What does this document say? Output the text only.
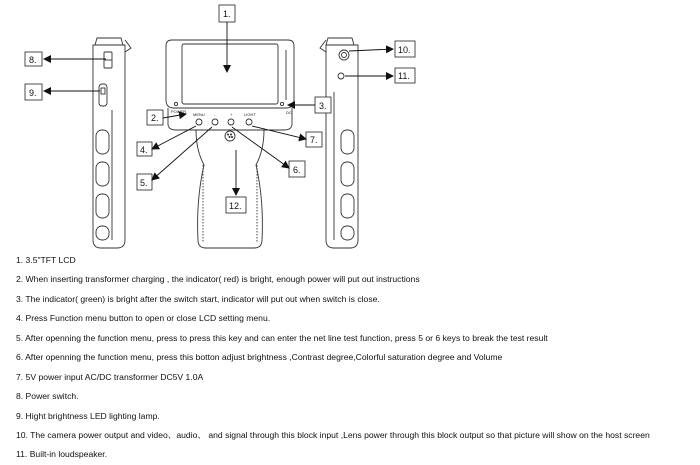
MENU -	+	LIGHT
POWER	DC
1.
2.
3.
4.
5.
6.
7.
8.
9.
10.
11.
12.
1. 3.5"TFT LCD
2. When inserting transformer charging , the indicator( red) is bright, enough power will put out instructions
3. The indicator( green) is bright after the switch start, indicator will put out when switch is close.
4. Press Function menu button to open or close LCD setting menu.
5. After openning the function menu, press to press this key and can enter the net line test function, press 5 or 6 keys to break the test result
6. After openning the function menu, press this botton adjust brightness ,Contrast degree,Colorful saturation degree and Volume
7. 5V power input AC/DC transformer DC5V 1.0A
8. Power switch.
9. Hight brightness LED lighting lamp.
10. The camera power output and video、audio、 and signal through this block input ,Lens power through this block output so that picture will show on the host screen
11. Built-in loudspeaker.
